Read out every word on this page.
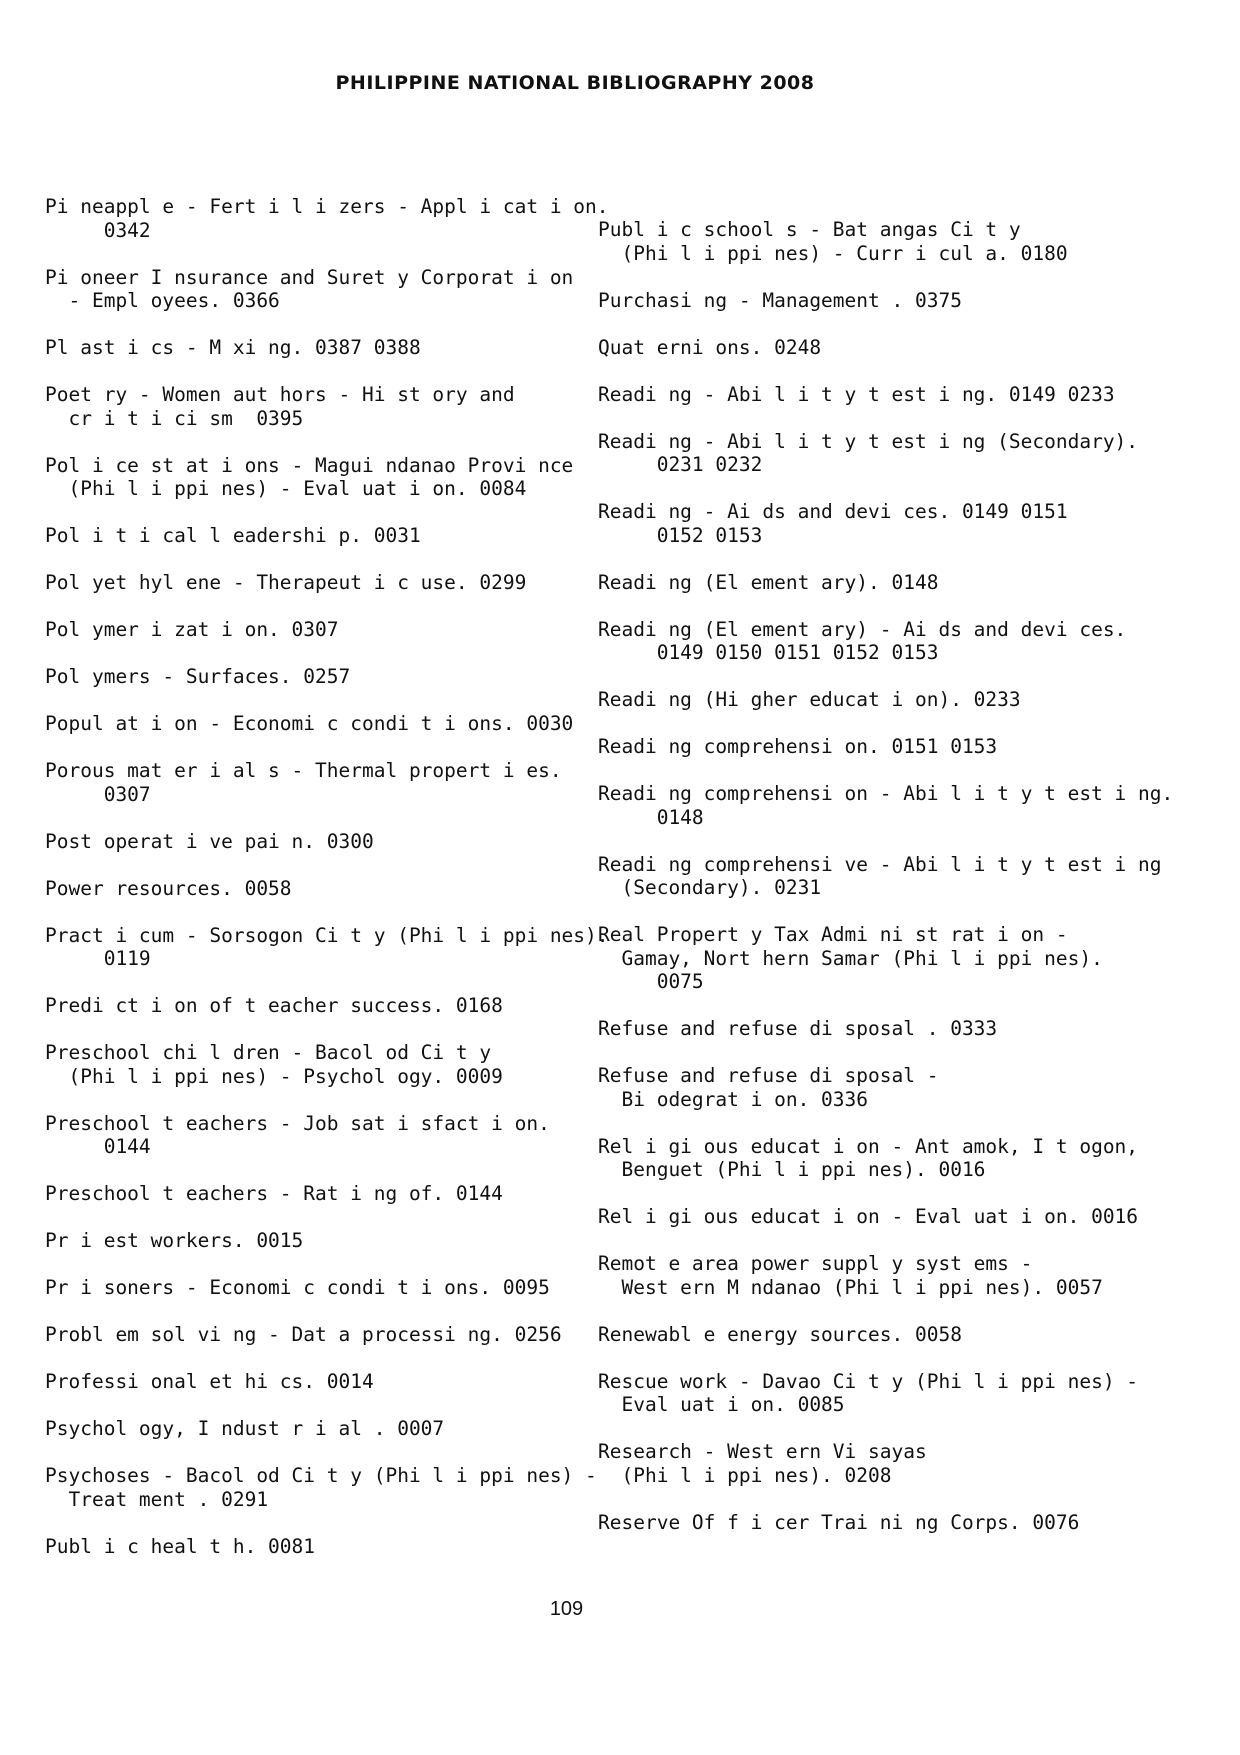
PHILIPPINE NATIONAL BIBLIOGRAPHY 2008
Pi neappl e - Fert i l i zers - Appl i cat i on.
0342
Pi oneer I nsurance and Suret y Corporat i on
- Empl oyees. 0366
Pl ast i cs - M xi ng. 0387 0388
Poet ry - Women aut hors - Hi st ory and
cr i t i ci sm  0395
Pol i ce st at i ons - Magui ndanao Provi nce
(Phi l i ppi nes) - Eval uat i on. 0084
Pol i t i cal l eadershi p. 0031
Pol yet hyl ene - Therapeut i c use. 0299
Pol ymer i zat i on. 0307
Pol ymers - Surfaces. 0257
Popul at i on - Economi c condi t i ons. 0030
Porous mat er i al s - Thermal propert i es.
0307
Post operat i ve pai n. 0300
Power resources. 0058
Pract i cum - Sorsogon Ci t y (Phi l i ppi nes).
0119
Predi ct i on of t eacher success. 0168
Preschool chi l dren - Bacol od Ci t y
(Phi l i ppi nes) - Psychol ogy. 0009
Preschool t eachers - Job sat i sfact i on.
0144
Preschool t eachers - Rat i ng of. 0144
Pr i est workers. 0015
Pr i soners - Economi c condi t i ons. 0095
Probl em sol vi ng - Dat a processi ng. 0256
Professi onal et hi cs. 0014
Psychol ogy, I ndust r i al . 0007
Psychoses - Bacol od Ci t y (Phi l i ppi nes) -
Treat ment . 0291
Publ i c heal t h. 0081
Publ i c school s - Bat angas Ci t y
(Phi l i ppi nes) - Curr i cul a. 0180
Purchasi ng - Management . 0375
Quat erni ons. 0248
Readi ng - Abi l i t y t est i ng. 0149 0233
Readi ng - Abi l i t y t est i ng (Secondary).
0231 0232
Readi ng - Ai ds and devi ces. 0149 0151
0152 0153
Readi ng (El ement ary). 0148
Readi ng (El ement ary) - Ai ds and devi ces.
0149 0150 0151 0152 0153
Readi ng (Hi gher educat i on). 0233
Readi ng comprehensi on. 0151 0153
Readi ng comprehensi on - Abi l i t y t est i ng.
0148
Readi ng comprehensi ve - Abi l i t y t est i ng
(Secondary). 0231
Real Propert y Tax Admi ni st rat i on -
Gamay, Nort hern Samar (Phi l i ppi nes).
0075
Refuse and refuse di sposal . 0333
Refuse and refuse di sposal -
Bi odegrat i on. 0336
Rel i gi ous educat i on - Ant amok, I t ogon,
Benguet (Phi l i ppi nes). 0016
Rel i gi ous educat i on - Eval uat i on. 0016
Remot e area power suppl y syst ems -
West ern M ndanao (Phi l i ppi nes). 0057
Renewabl e energy sources. 0058
Rescue work - Davao Ci t y (Phi l i ppi nes) -
Eval uat i on. 0085
Research - West ern Vi sayas
(Phi l i ppi nes). 0208
Reserve Of f i cer Trai ni ng Corps. 0076
109
